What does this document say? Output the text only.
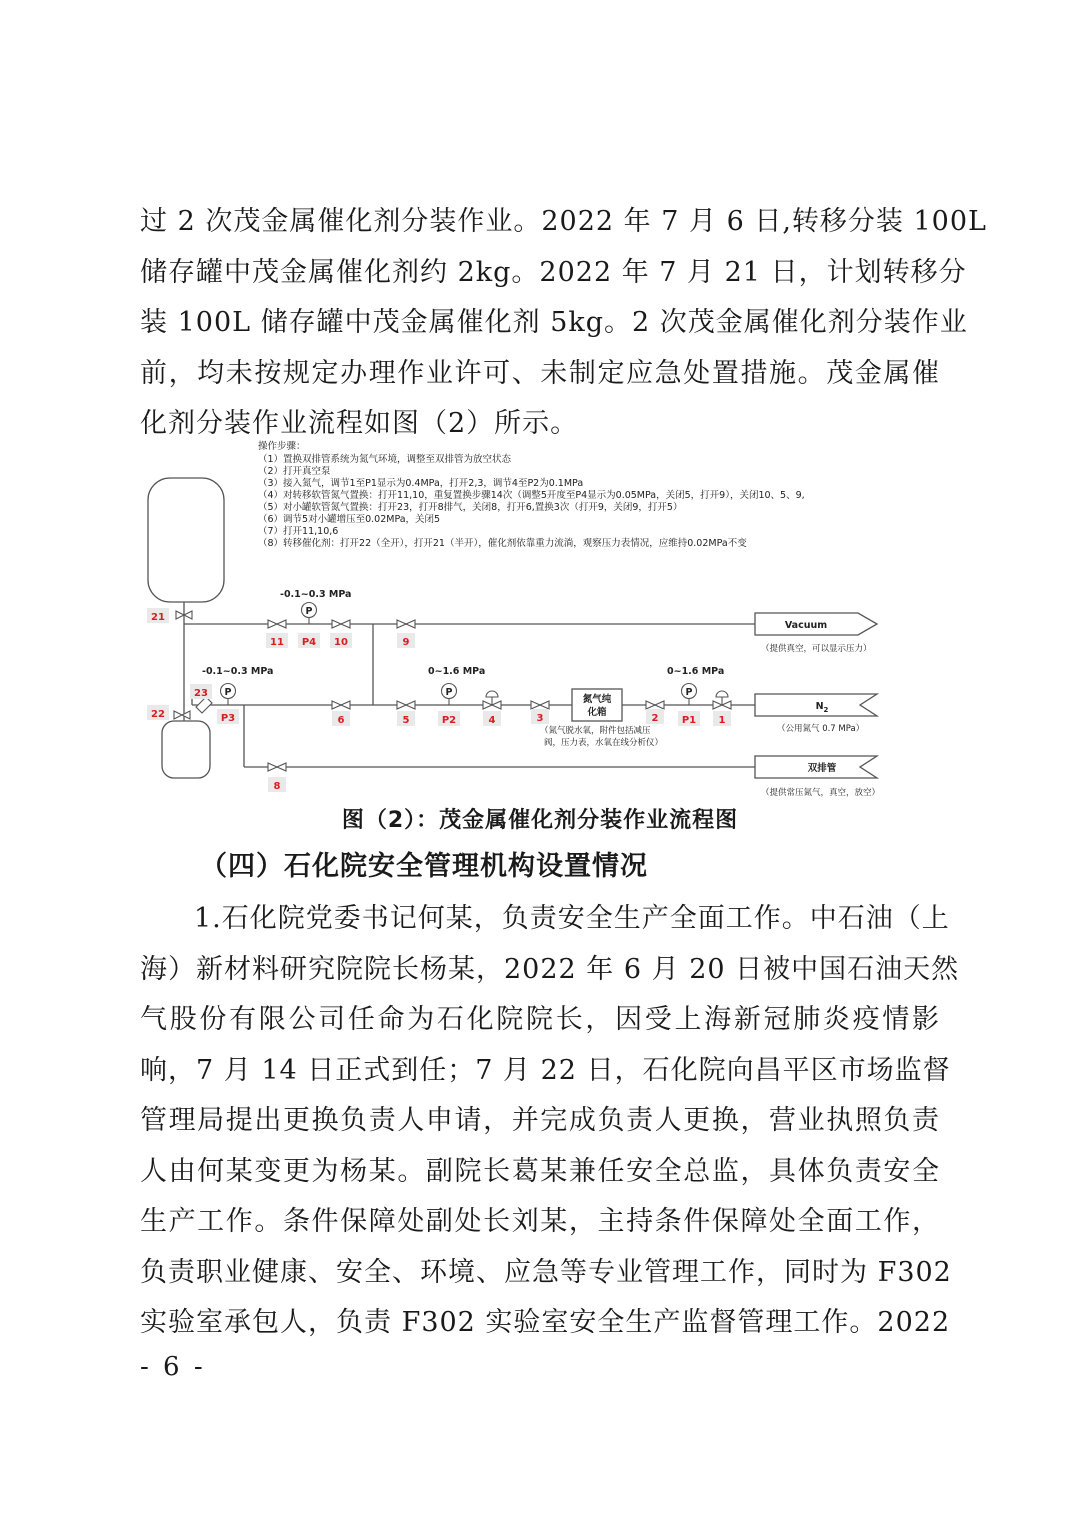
过 2 次茂金属催化剂分装作业。2022 年 7 月 6 日,转移分装 100L
储存罐中茂金属催化剂约 2kg。2022 年 7 月 21 日，计划转移分
装 100L 储存罐中茂金属催化剂 5kg。2 次茂金属催化剂分装作业
前，均未按规定办理作业许可、未制定应急处置措施。茂金属催
化剂分装作业流程如图（2）所示。
操作步骤：
（1）置换双排管系统为氮气环境，调整至双排管为放空状态
（2）打开真空泵
（3）接入氮气，调节1至P1显示为0.4MPa，打开2,3，调节4至P2为0.1MPa
（4）对转移软管氮气置换：打开11,10，重复置换步骤14次（调整5开度至P4显示为0.05MPa，关闭5，打开9），关闭10、5、9,
（5）对小罐软管氮气置换：打开23，打开8排气，关闭8，打开6,置换3次（打开9，关闭9，打开5）
（6）调节5对小罐增压至0.02MPa，关闭5
（7）打开11,10,6
（8）转移催化剂：打开22（全开），打开21（半开），催化剂依靠重力流淌，观察压力表情况，应维持0.02MPa不变
P
P	P	P
-0.1~0.3 MPa
-0.1~0.3 MPa	0~1.6 MPa	0~1.6 MPa
氮气纯
化箱
（氮气脱水氧，附件包括减压
阀，压力表，水氧在线分析仪）
Vacuum
（提供真空，可以显示压力）
$N_2$
（公用氮气 0.7 MPa）
双排管
（提供常压氮气，真空，放空）
21
11 P4 10	9
23
22	P3	6	5	P2	4	3	2 P1 1
8
图（2）：茂金属催化剂分装作业流程图
（四）石化院安全管理机构设置情况
1.石化院党委书记何某，负责安全生产全面工作。中石油（上
海）新材料研究院院长杨某，2022 年 6 月 20 日被中国石油天然
气股份有限公司任命为石化院院长，因受上海新冠肺炎疫情影
响，7 月 14 日正式到任；7 月 22 日，石化院向昌平区市场监督
管理局提出更换负责人申请，并完成负责人更换，营业执照负责
人由何某变更为杨某。副院长葛某兼任安全总监，具体负责安全
生产工作。条件保障处副处长刘某，主持条件保障处全面工作，
负责职业健康、安全、环境、应急等专业管理工作，同时为 F302
实验室承包人，负责 F302 实验室安全生产监督管理工作。2022
- 6 -
